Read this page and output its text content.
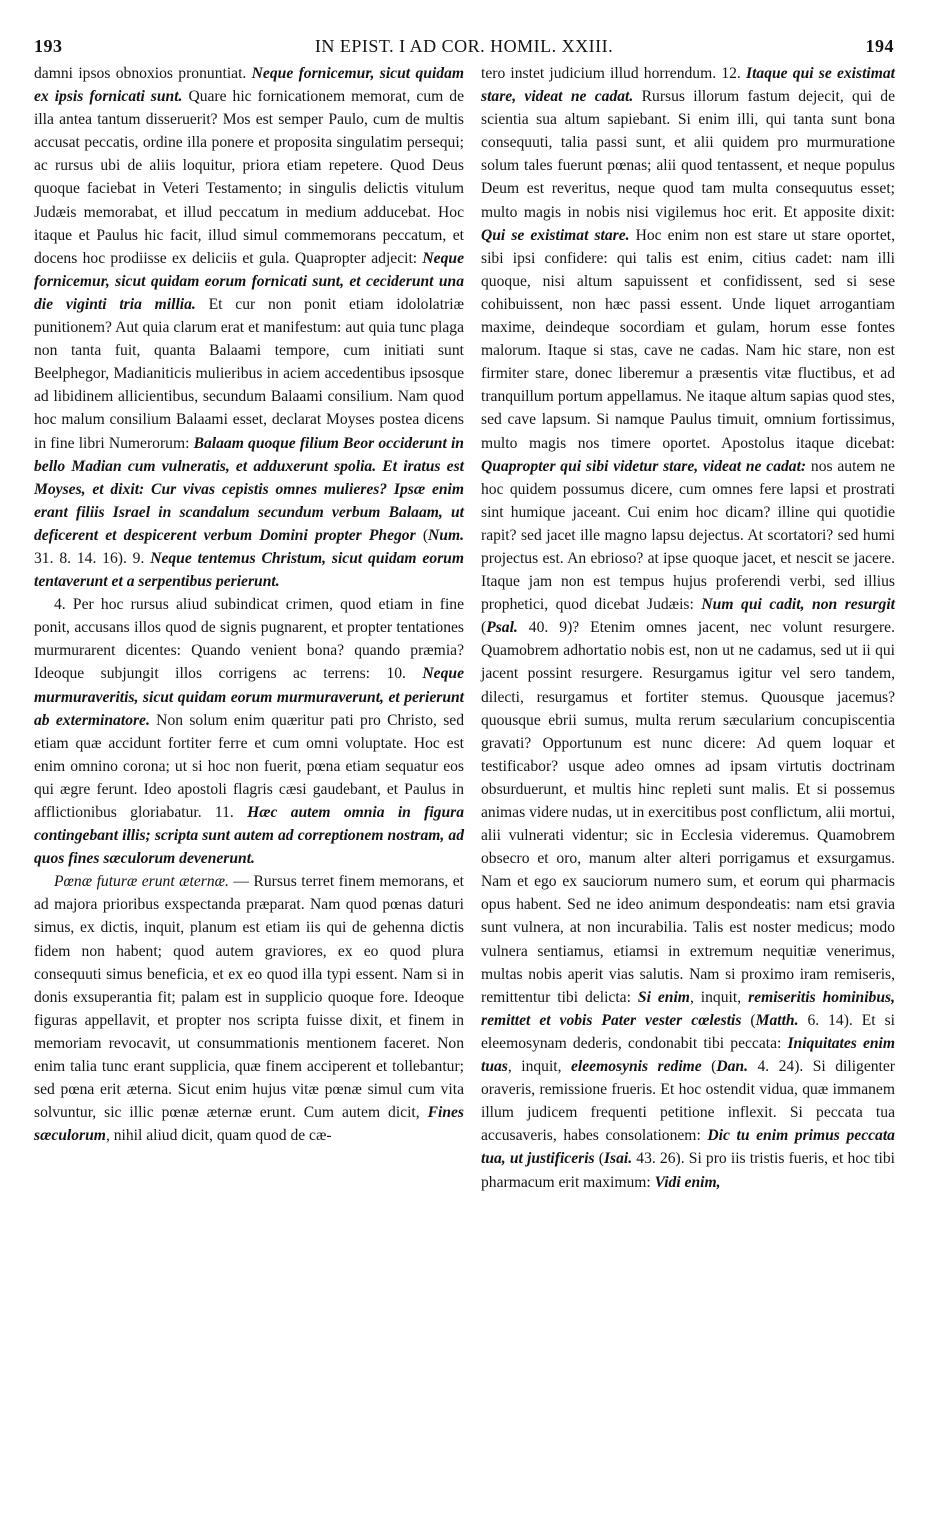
193	IN EPIST. I AD COR. HOMIL. XXIII.	194

damni ipsos obnoxios pronuntiat. Neque fornicemur, sicut quidam ex ipsis fornicati sunt. Quare hic fornicationem memorat, cum de illa antea tantum disseruerit? Mos est semper Paulo, cum de multis accusat peccatis, ordine illa ponere et proposita singulatim persequi; ac rursus ubi de aliis loquitur, priora etiam repetere. Quod Deus quoque faciebat in Veteri Testamento; in singulis delictis vitulum Judæis memorabat, et illud peccatum in medium adducebat. Hoc itaque et Paulus hic facit, illud simul commemorans peccatum, et docens hoc prodiisse ex deliciis et gula. Quapropter adjecit: Neque fornicemur, sicut quidam eorum fornicati sunt, et ceciderunt una die viginti tria millia. Et cur non ponit etiam idololatriæ punitionem? Aut quia clarum erat et manifestum: aut quia tunc plaga non tanta fuit, quanta Balaami tempore, cum initiati sunt Beelphegor, Madianiticis mulieribus in aciem accedentibus ipsosque ad libidinem allicientibus, secundum Balaami consilium. Nam quod hoc malum consilium Balaami esset, declarat Moyses postea dicens in fine libri Numerorum: Balaam quoque filium Beor occiderunt in bello Madian cum vulneratis, et adduxerunt spolia. Et iratus est Moyses, et dixit: Cur vivas cepistis omnes mulieres? Ipsæ enim erant filiis Israel in scandalum secundum verbum Balaam, ut deficerent et despicerent verbum Domini propter Phegor (Num. 31. 8. 14. 16). 9. Neque tentemus Christum, sicut quidam eorum tentaverunt et a serpentibus perierunt.

4. Per hoc rursus aliud subindicat crimen, quod etiam in fine ponit, accusans illos quod de signis pugnarent, et propter tentationes murmurarent dicentes: Quando venient bona? quando præmia? Ideoque subjungit illos corrigens ac terrens: 10. Neque murmuraveritis, sicut quidam eorum murmuraverunt, et perierunt ab exterminatore. Non solum enim quæritur pati pro Christo, sed etiam quæ accidunt fortiter ferre et cum omni voluptate. Hoc est enim omnino corona; ut si hoc non fuerit, pœna etiam sequatur eos qui ægre ferunt. Ideo apostoli flagris cæsi gaudebant, et Paulus in afflictionibus gloriabatur. 11. Hæc autem omnia in figura contingebant illis; scripta sunt autem ad correptionem nostram, ad quos fines sæculorum devenerunt.

Pœnæ futuræ erunt æternæ. — Rursus terret finem memorans, et ad majora prioribus exspectanda præparat. Nam quod pœnas daturi simus, ex dictis, inquit, planum est etiam iis qui de gehenna dictis fidem non habent; quod autem graviores, ex eo quod plura consequuti simus beneficia, et ex eo quod illa typi essent. Nam si in donis exsuperantia fit; palam est in supplicio quoque fore. Ideoque figuras appellavit, et propter nos scripta fuisse dixit, et finem in memoriam revocavit, ut consummationis mentionem faceret. Non enim talia tunc erant supplicia, quæ finem acciperent et tollebantur; sed pœna erit æterna. Sicut enim hujus vitæ pœnæ simul cum vita solvuntur, sic illic pœnæ æternæ erunt. Cum autem dicit, Fines sæculorum, nihil aliud dicit, quam quod de cæ-

tero instet judicium illud horrendum. 12. Itaque qui se existimat stare, videat ne cadat. Rursus illorum fastum dejecit, qui de scientia sua altum sapiebant. Si enim illi, qui tanta sunt bona consequuti, talia passi sunt, et alii quidem pro murmuratione solum tales fuerunt pœnas; alii quod tentassent, et neque populus Deum est reveritus, neque quod tam multa consequutus esset; multo magis in nobis nisi vigilemus hoc erit. Et apposite dixit: Qui se existimat stare. Hoc enim non est stare ut stare oportet, sibi ipsi confidere: qui talis est enim, citius cadet: nam illi quoque, nisi altum sapuissent et confidissent, sed si sese cohibuissent, non hæc passi essent. Unde liquet arrogantiam maxime, deindeque socordiam et gulam, horum esse fontes malorum. Itaque si stas, cave ne cadas. Nam hic stare, non est firmiter stare, donec liberemur a præsentis vitæ fluctibus, et ad tranquillum portum appellamus. Ne itaque altum sapias quod stes, sed cave lapsum. Si namque Paulus timuit, omnium fortissimus, multo magis nos timere oportet. Apostolus itaque dicebat: Quapropter qui sibi videtur stare, videat ne cadat: nos autem ne hoc quidem possumus dicere, cum omnes fere lapsi et prostrati sint humique jaceant. Cui enim hoc dicam? illine qui quotidie rapit? sed jacet ille magno lapsu dejectus. At scortatori? sed humi projectus est. An ebrioso? at ipse quoque jacet, et nescit se jacere. Itaque jam non est tempus hujus proferendi verbi, sed illius prophetici, quod dicebat Judæis: Num qui cadit, non resurgit (Psal. 40. 9)? Etenim omnes jacent, nec volunt resurgere. Quamobrem adhortatio nobis est, non ut ne cadamus, sed ut ii qui jacent possint resurgere. Resurgamus igitur vel sero tandem, dilecti, resurgamus et fortiter stemus. Quousque jacemus? quousque ebrii sumus, multa rerum sæcularium concupiscentia gravati? Opportunum est nunc dicere: Ad quem loquar et testificabor? usque adeo omnes ad ipsam virtutis doctrinam obsurduerunt, et multis hinc repleti sunt malis. Et si possemus animas videre nudas, ut in exercitibus post conflictum, alii mortui, alii vulnerati videntur; sic in Ecclesia videremus. Quamobrem obsecro et oro, manum alter alteri porrigamus et exsurgamus. Nam et ego ex sauciorum numero sum, et eorum qui pharmacis opus habent. Sed ne ideo animum despondeatis: nam etsi gravia sunt vulnera, at non incurabilia. Talis est noster medicus; modo vulnera sentiamus, etiamsi in extremum nequitiæ venerimus, multas nobis aperit vias salutis. Nam si proximo iram remiseris, remittentur tibi delicta: Si enim, inquit, remiseritis hominibus, remittet et vobis Pater vester cœlestis (Matth. 6. 14). Et si eleemosynam dederis, condonabit tibi peccata: Iniquitates enim tuas, inquit, eleemosynis redime (Dan. 4. 24). Si diligenter oraveris, remissione frueris. Et hoc ostendit vidua, quæ immanem illum judicem frequenti petitione inflexit. Si peccata tua accusaveris, habes consolationem: Dic tu enim primus peccata tua, ut justificeris (Isai. 43. 26). Si pro iis tristis fueris, et hoc tibi pharmacum erit maximum: Vidi enim,
